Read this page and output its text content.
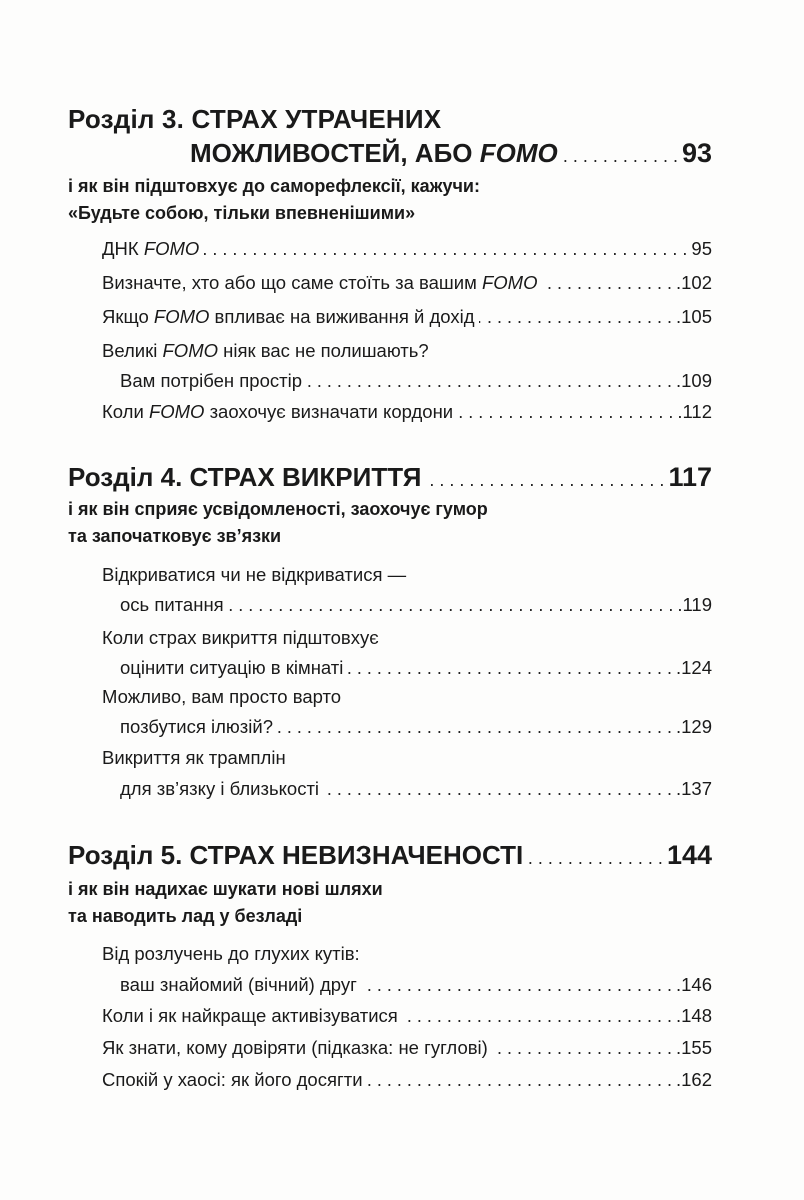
Розділ 3. СТРАХ УТРАЧЕНИХ
МОЖЛИВОСТЕЙ, АБО FOMO . . .	93
і як він підштовхує до саморефлексії, кажучи:
«Будьте собою, тільки впевненішими»
ДНК FOMO . . .	95
Визначте, хто або що саме стоїть за вашим FOMO . . .	.102
Якщо FOMO впливає на виживання й дохід . . .	.105
Великі FOMO ніяк вас не полишають?
Вам потрібен простір . . .	.109
Коли FOMO заохочує визначати кордони . . .	.112
Розділ 4. СТРАХ ВИКРИТТЯ . . .	117
і як він сприяє усвідомленості, заохочує гумор
та започатковує зв’язки
Відкриватися чи не відкриватися —
ось питання . . .	.119
Коли страх викриття підштовхує
оцінити ситуацію в кімнаті . . .	.124
Можливо, вам просто варто
позбутися ілюзій? . . .	.129
Викриття як трамплін
для зв’язку і близькості . . .	.137
Розділ 5. СТРАХ НЕВИЗНАЧЕНОСТІ . . .	144
і як він надихає шукати нові шляхи
та наводить лад у безладі
Від розлучень до глухих кутів:
ваш знайомий (вічний) друг . . .	.146
Коли і як найкраще активізуватися . . .	.148
Як знати, кому довіряти (підказка: не гуглові) . . .	.155
Спокій у хаосі: як його досягти . . .	.162
